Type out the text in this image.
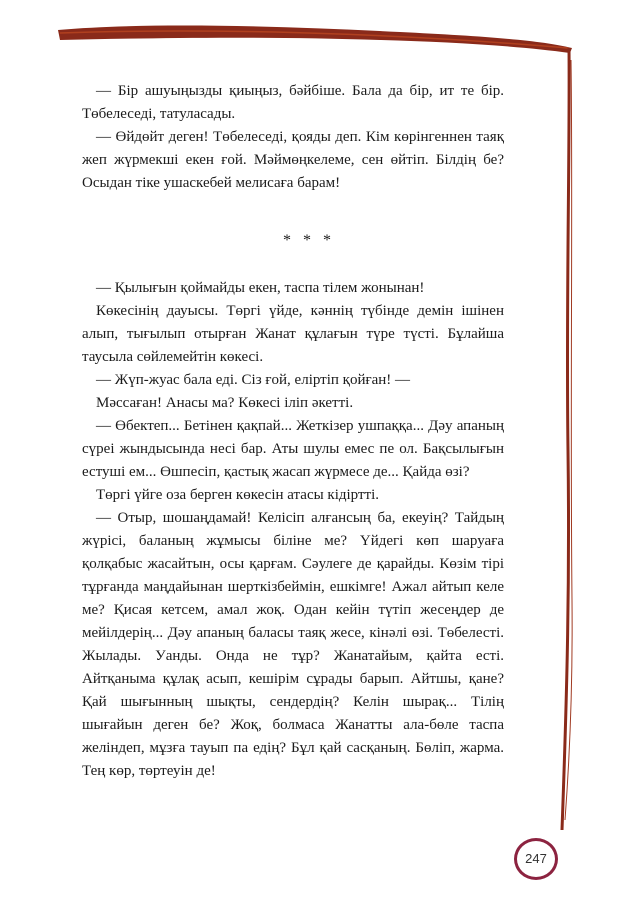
— Бір ашуыңызды қиыңыз, бәйбіше. Бала да бір, ит те бір. Төбелеседі, татуласады.

— Өйдөйт деген! Төбелеседі, қояды деп. Кім көрінгеннен таяқ жеп жүрмекші екен ғой. Мәймөңкелеме, сен өйтіп. Білдің бе? Осыдан тіке ушаскебей мелисаға барам!

* * *

— Қылығын қоймайды екен, таспа тілем жонынан!

Көкесінің дауысы. Төргі үйде, кәннің түбінде демін ішінен алып, тығылып отырған Жанат құлағын түре түсті. Бұлайша таусыла сөйлемейтін көкесі.

— Жүп-жуас бала еді. Сіз ғой, еліртіп қойған! —

Мәссаған! Анасы ма? Көкесі іліп әкетті.

— Өбектеп... Бетінен қақпай... Жеткізер ушпаққа... Дәу апаның сүреі жындысында несі бар. Аты шулы емес пе ол. Бақсылығын естуші ем... Өшпесіп, қастық жасап жүрмесе де... Қайда өзі?

Төргі үйге оза берген көкесін атасы кідіртті.

— Отыр, шошаңдамай! Келісіп алғансың ба, екеуің? Тайдың жүрісі, баланың жұмысы біліне ме? Үйдегі көп шаруаға қолқабыс жасайтын, осы қарғам. Сәулеге де қарайды. Көзім тірі тұрғанда маңдайынан шерткізбеймін, ешкімге! Ажал айтып келе ме? Қисая кетсем, амал жоқ. Одан кейін түтіп жесеңдер де мейілдерің... Дәу апаның баласы таяқ жесе, кінәлі өзі. Төбелесті. Жылады. Уанды. Онда не тұр? Жанатайым, қайта есті. Айтқаныма құлақ асып, кешірім сұрады барып. Айтшы, қане? Қай шығынның шықты, сендердің? Келін шырақ... Тілің шығайын деген бе? Жоқ, болмаса Жанатты ала-бөле таспа желіндеп, мұзға тауып па едің? Бұл қай сасқаның. Бөліп, жарма. Тең көр, төртеуін де!

247
